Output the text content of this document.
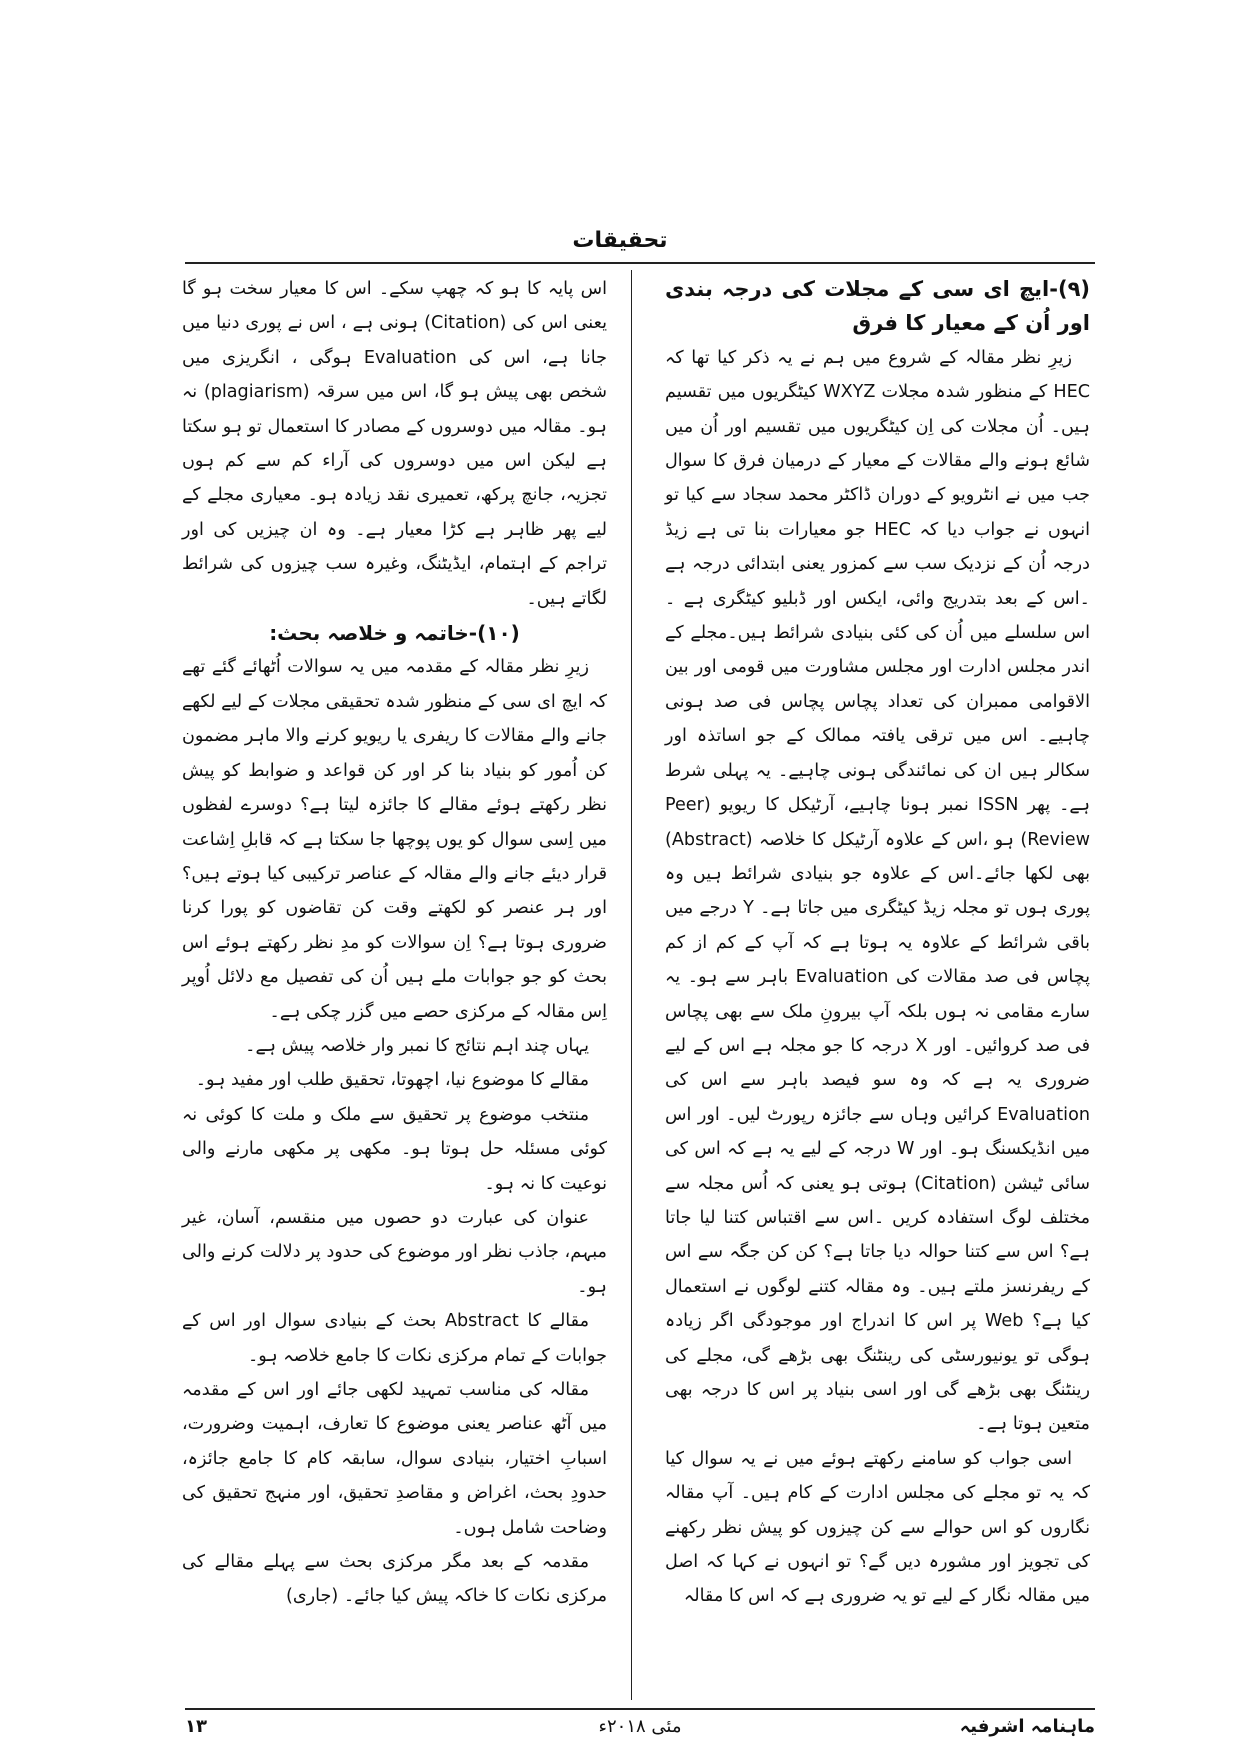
تحقیقات

(۹)-ایچ ای سی کے مجلات کی درجہ بندی اور اُن کے معیار کا فرق

زیرِ نظر مقالہ کے شروع میں ہم نے یہ ذکر کیا تھا کہ HEC کے منظور شدہ مجلات WXYZ کیٹگریوں میں تقسیم ہیں۔ اُن مجلات کی اِن کیٹگریوں میں تقسیم اور اُن میں شائع ہونے والے مقالات کے معیار کے درمیان فرق کا سوال جب میں نے انٹرویو کے دوران ڈاکٹر محمد سجاد سے کیا تو انہوں نے جواب دیا کہ HEC جو معیارات بنا تی ہے زیڈ درجہ اُن کے نزدیک سب سے کمزور یعنی ابتدائی درجہ ہے ۔اس کے بعد بتدریج وائی، ایکس اور ڈبلیو کیٹگری ہے ۔ اس سلسلے میں اُن کی کئی بنیادی شرائط ہیں۔مجلے کے اندر مجلس ادارت اور مجلس مشاورت میں قومی اور بین الاقوامی ممبران کی تعداد پچاس پچاس فی صد ہونی چاہیے۔ اس میں ترقی یافتہ ممالک کے جو اساتذہ اور سکالر ہیں ان کی نمائندگی ہونی چاہیے۔ یہ پہلی شرط ہے۔ پھر ISSN نمبر ہونا چاہیے، آرٹیکل کا ریویو (Peer Review) ہو ،اس کے علاوہ آرٹیکل کا خلاصہ (Abstract) بھی لکھا جائے۔اس کے علاوہ جو بنیادی شرائط ہیں وہ پوری ہوں تو مجلہ زیڈ کیٹگری میں جاتا ہے۔ Y درجے میں باقی شرائط کے علاوہ یہ ہوتا ہے کہ آپ کے کم از کم پچاس فی صد مقالات کی Evaluation باہر سے ہو۔ یہ سارے مقامی نہ ہوں بلکہ آپ بیرونِ ملک سے بھی پچاس فی صد کروائیں۔ اور X درجہ کا جو مجلہ ہے اس کے لیے ضروری یہ ہے کہ وہ سو فیصد باہر سے اس کی Evaluation کرائیں وہاں سے جائزہ رپورٹ لیں۔ اور اس میں انڈیکسنگ ہو۔ اور W درجہ کے لیے یہ ہے کہ اس کی سائی ٹیشن (Citation) ہوتی ہو یعنی کہ اُس مجلہ سے مختلف لوگ استفادہ کریں ۔اس سے اقتباس کتنا لیا جاتا ہے؟ اس سے کتنا حوالہ دیا جاتا ہے؟ کن کن جگہ سے اس کے ریفرنسز ملتے ہیں۔ وہ مقالہ کتنے لوگوں نے استعمال کیا ہے؟ Web پر اس کا اندراج اور موجودگی اگر زیادہ ہوگی تو یونیورسٹی کی رینٹنگ بھی بڑھے گی، مجلے کی رینٹنگ بھی بڑھے گی اور اسی بنیاد پر اس کا درجہ بھی متعین ہوتا ہے۔

اسی جواب کو سامنے رکھتے ہوئے میں نے یہ سوال کیا کہ یہ تو مجلے کی مجلس ادارت کے کام ہیں۔ آپ مقالہ نگاروں کو اس حوالے سے کن چیزوں کو پیش نظر رکھنے کی تجویز اور مشورہ دیں گے؟ تو انہوں نے کہا کہ اصل میں مقالہ نگار کے لیے تو یہ ضروری ہے کہ اس کا مقالہ

اس پایہ کا ہو کہ چھپ سکے۔ اس کا معیار سخت ہو گا یعنی اس کی (Citation) ہونی ہے ، اس نے پوری دنیا میں جانا ہے، اس کی Evaluation ہوگی ، انگریزی میں شخص بھی پیش ہو گا، اس میں سرقہ (plagiarism) نہ ہو۔ مقالہ میں دوسروں کے مصادر کا استعمال تو ہو سکتا ہے لیکن اس میں دوسروں کی آراء کم سے کم ہوں تجزیہ، جانچ پرکھ، تعمیری نقد زیادہ ہو۔ معیاری مجلے کے لیے پھر ظاہر ہے کڑا معیار ہے۔ وہ ان چیزیں کی اور تراجم کے اہتمام، ایڈیٹنگ، وغیرہ سب چیزوں کی شرائط لگاتے ہیں۔

(۱۰)-خاتمہ و خلاصہ بحث:

زیرِ نظر مقالہ کے مقدمہ میں یہ سوالات اُٹھائے گئے تھے کہ ایچ ای سی کے منظور شدہ تحقیقی مجلات کے لیے لکھے جانے والے مقالات کا ریفری یا ریویو کرنے والا ماہر مضمون کن اُمور کو بنیاد بنا کر اور کن قواعد و ضوابط کو پیش نظر رکھتے ہوئے مقالے کا جائزہ لیتا ہے؟ دوسرے لفظوں میں اِسی سوال کو یوں پوچھا جا سکتا ہے کہ قابلِ اِشاعت قرار دیئے جانے والے مقالہ کے عناصر ترکیبی کیا ہوتے ہیں؟ اور ہر عنصر کو لکھتے وقت کن تقاضوں کو پورا کرنا ضروری ہوتا ہے؟ اِن سوالات کو مدِ نظر رکھتے ہوئے اس بحث کو جو جوابات ملے ہیں اُن کی تفصیل مع دلائل اُوپر اِس مقالہ کے مرکزی حصے میں گزر چکی ہے۔

یہاں چند اہم نتائج کا نمبر وار خلاصہ پیش ہے۔

مقالے کا موضوع نیا، اچھوتا، تحقیق طلب اور مفید ہو۔

منتخب موضوع پر تحقیق سے ملک و ملت کا کوئی نہ کوئی مسئلہ حل ہوتا ہو۔ مکھی پر مکھی مارنے والی نوعیت کا نہ ہو۔

عنوان کی عبارت دو حصوں میں منقسم، آسان، غیر مبہم، جاذب نظر اور موضوع کی حدود پر دلالت کرنے والی ہو۔

مقالے کا Abstract بحث کے بنیادی سوال اور اس کے جوابات کے تمام مرکزی نکات کا جامع خلاصہ ہو۔

مقالہ کی مناسب تمہید لکھی جائے اور اس کے مقدمہ میں آٹھ عناصر یعنی موضوع کا تعارف، اہمیت وضرورت، اسبابِ اختیار، بنیادی سوال، سابقہ کام کا جامع جائزہ، حدودِ بحث، اغراض و مقاصدِ تحقیق، اور منہج تحقیق کی وضاحت شامل ہوں۔

مقدمہ کے بعد مگر مرکزی بحث سے پہلے مقالے کی مرکزی نکات کا خاکہ پیش کیا جائے۔ (جاری)

ماہنامہ اشرفیہ
مئی ۲۰۱۸ء
۱۳
